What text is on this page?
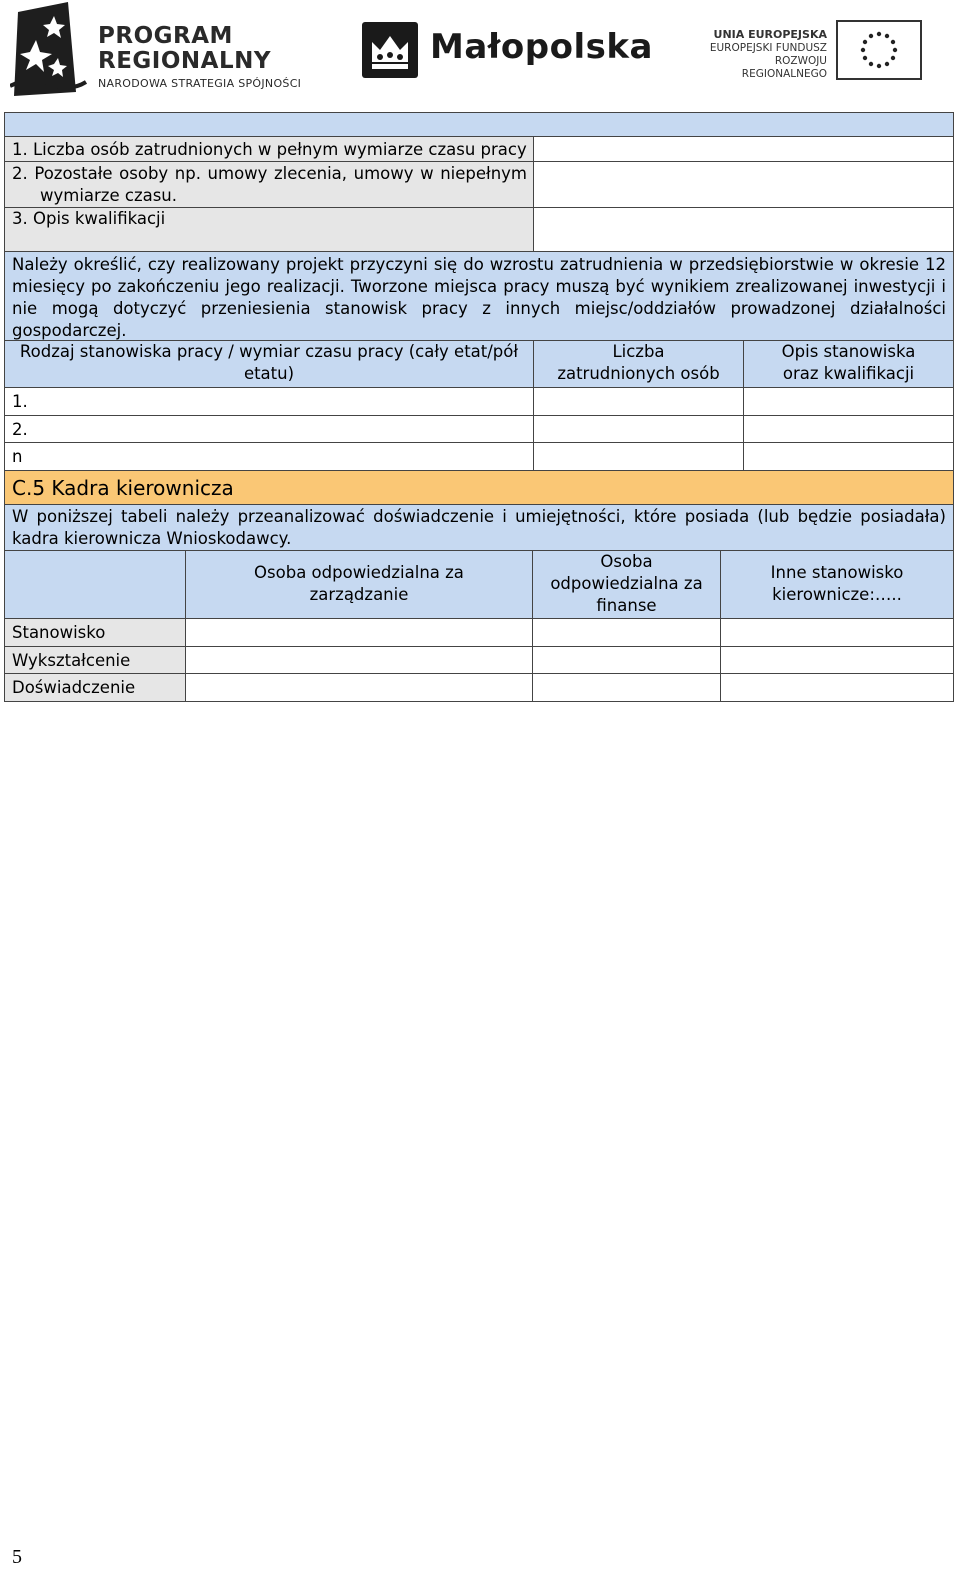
PROGRAM
REGIONALNY
NARODOWA STRATEGIA SPÓJNOŚCI
Małopolska	UNIA EUROPEJSKA
EUROPEJSKI FUNDUSZ
ROZWOJU REGIONALNEGO
1. Liczba osób zatrudnionych w pełnym wymiarze czasu pracy
2. Pozostałe osoby np. umowy zlecenia, umowy w niepełnym
wymiarze czasu.
3. Opis kwalifikacji
Należy określić, czy realizowany projekt przyczyni się do wzrostu zatrudnienia w przedsiębiorstwie w okresie 12 miesięcy po zakończeniu jego realizacji. Tworzone miejsca pracy muszą być wynikiem zrealizowanej inwestycji i nie mogą dotyczyć przeniesienia stanowisk pracy z innych miejsc/oddziałów prowadzonej działalności gospodarczej.
Rodzaj stanowiska pracy / wymiar czasu pracy (cały etat/pół etatu)
Liczba zatrudnionych osób
Opis stanowiska oraz kwalifikacji
1.
2.
n
C.5 Kadra kierownicza
W poniższej tabeli należy przeanalizować doświadczenie i umiejętności, które posiada (lub będzie posiadała) kadra kierownicza Wnioskodawcy.
Osoba odpowiedzialna za zarządzanie
Osoba odpowiedzialna za finanse
Inne stanowisko kierownicze:…..
Stanowisko
Wykształcenie
Doświadczenie
5
